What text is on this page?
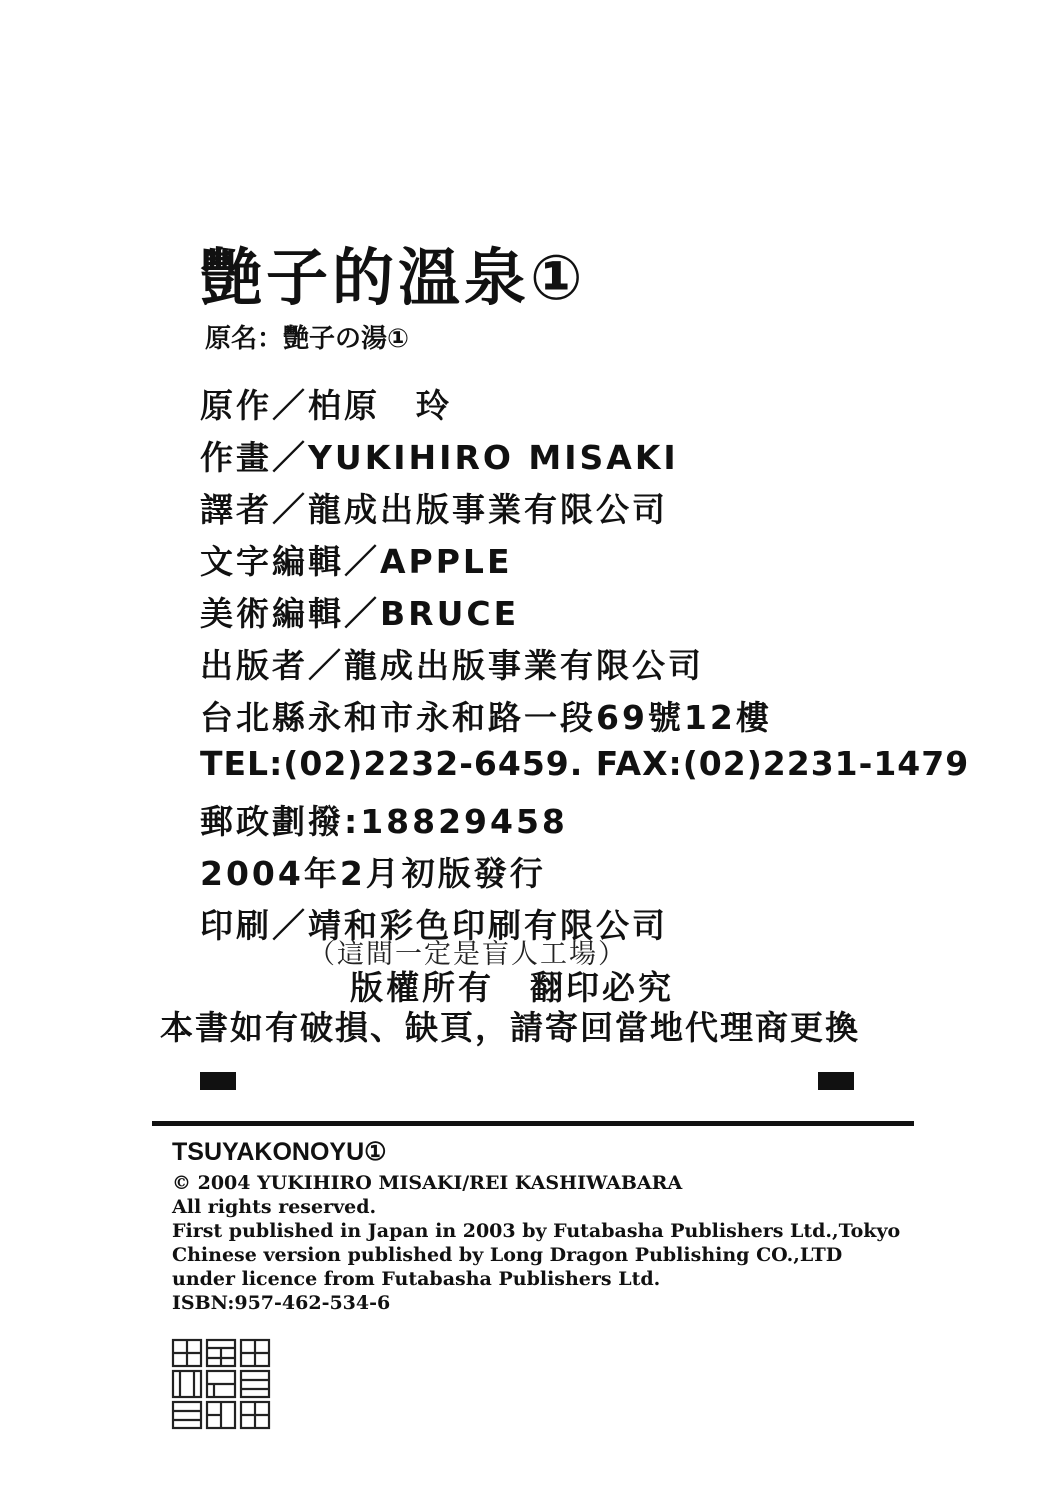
艷子的溫泉①
原名：艷子の湯①
原作／柏原　玲
作畫／YUKIHIRO MISAKI
譯者／龍成出版事業有限公司
文字編輯／APPLE
美術編輯／BRUCE
出版者／龍成出版事業有限公司
台北縣永和市永和路一段69號12樓
TEL:(02)2232-6459. FAX:(02)2231-1479
郵政劃撥:18829458
2004年2月初版發行
印刷／靖和彩色印刷有限公司
（這間一定是盲人工場）
版權所有　翻印必究
本書如有破損、缺頁，請寄回當地代理商更換
TSUYAKONOYU①
© 2004 YUKIHIRO MISAKI/REI KASHIWABARA
All rights reserved.
First published in Japan in 2003 by Futabasha Publishers Ltd.,Tokyo
Chinese version published by Long Dragon Publishing CO.,LTD
under licence from Futabasha Publishers Ltd.
ISBN:957-462-534-6
